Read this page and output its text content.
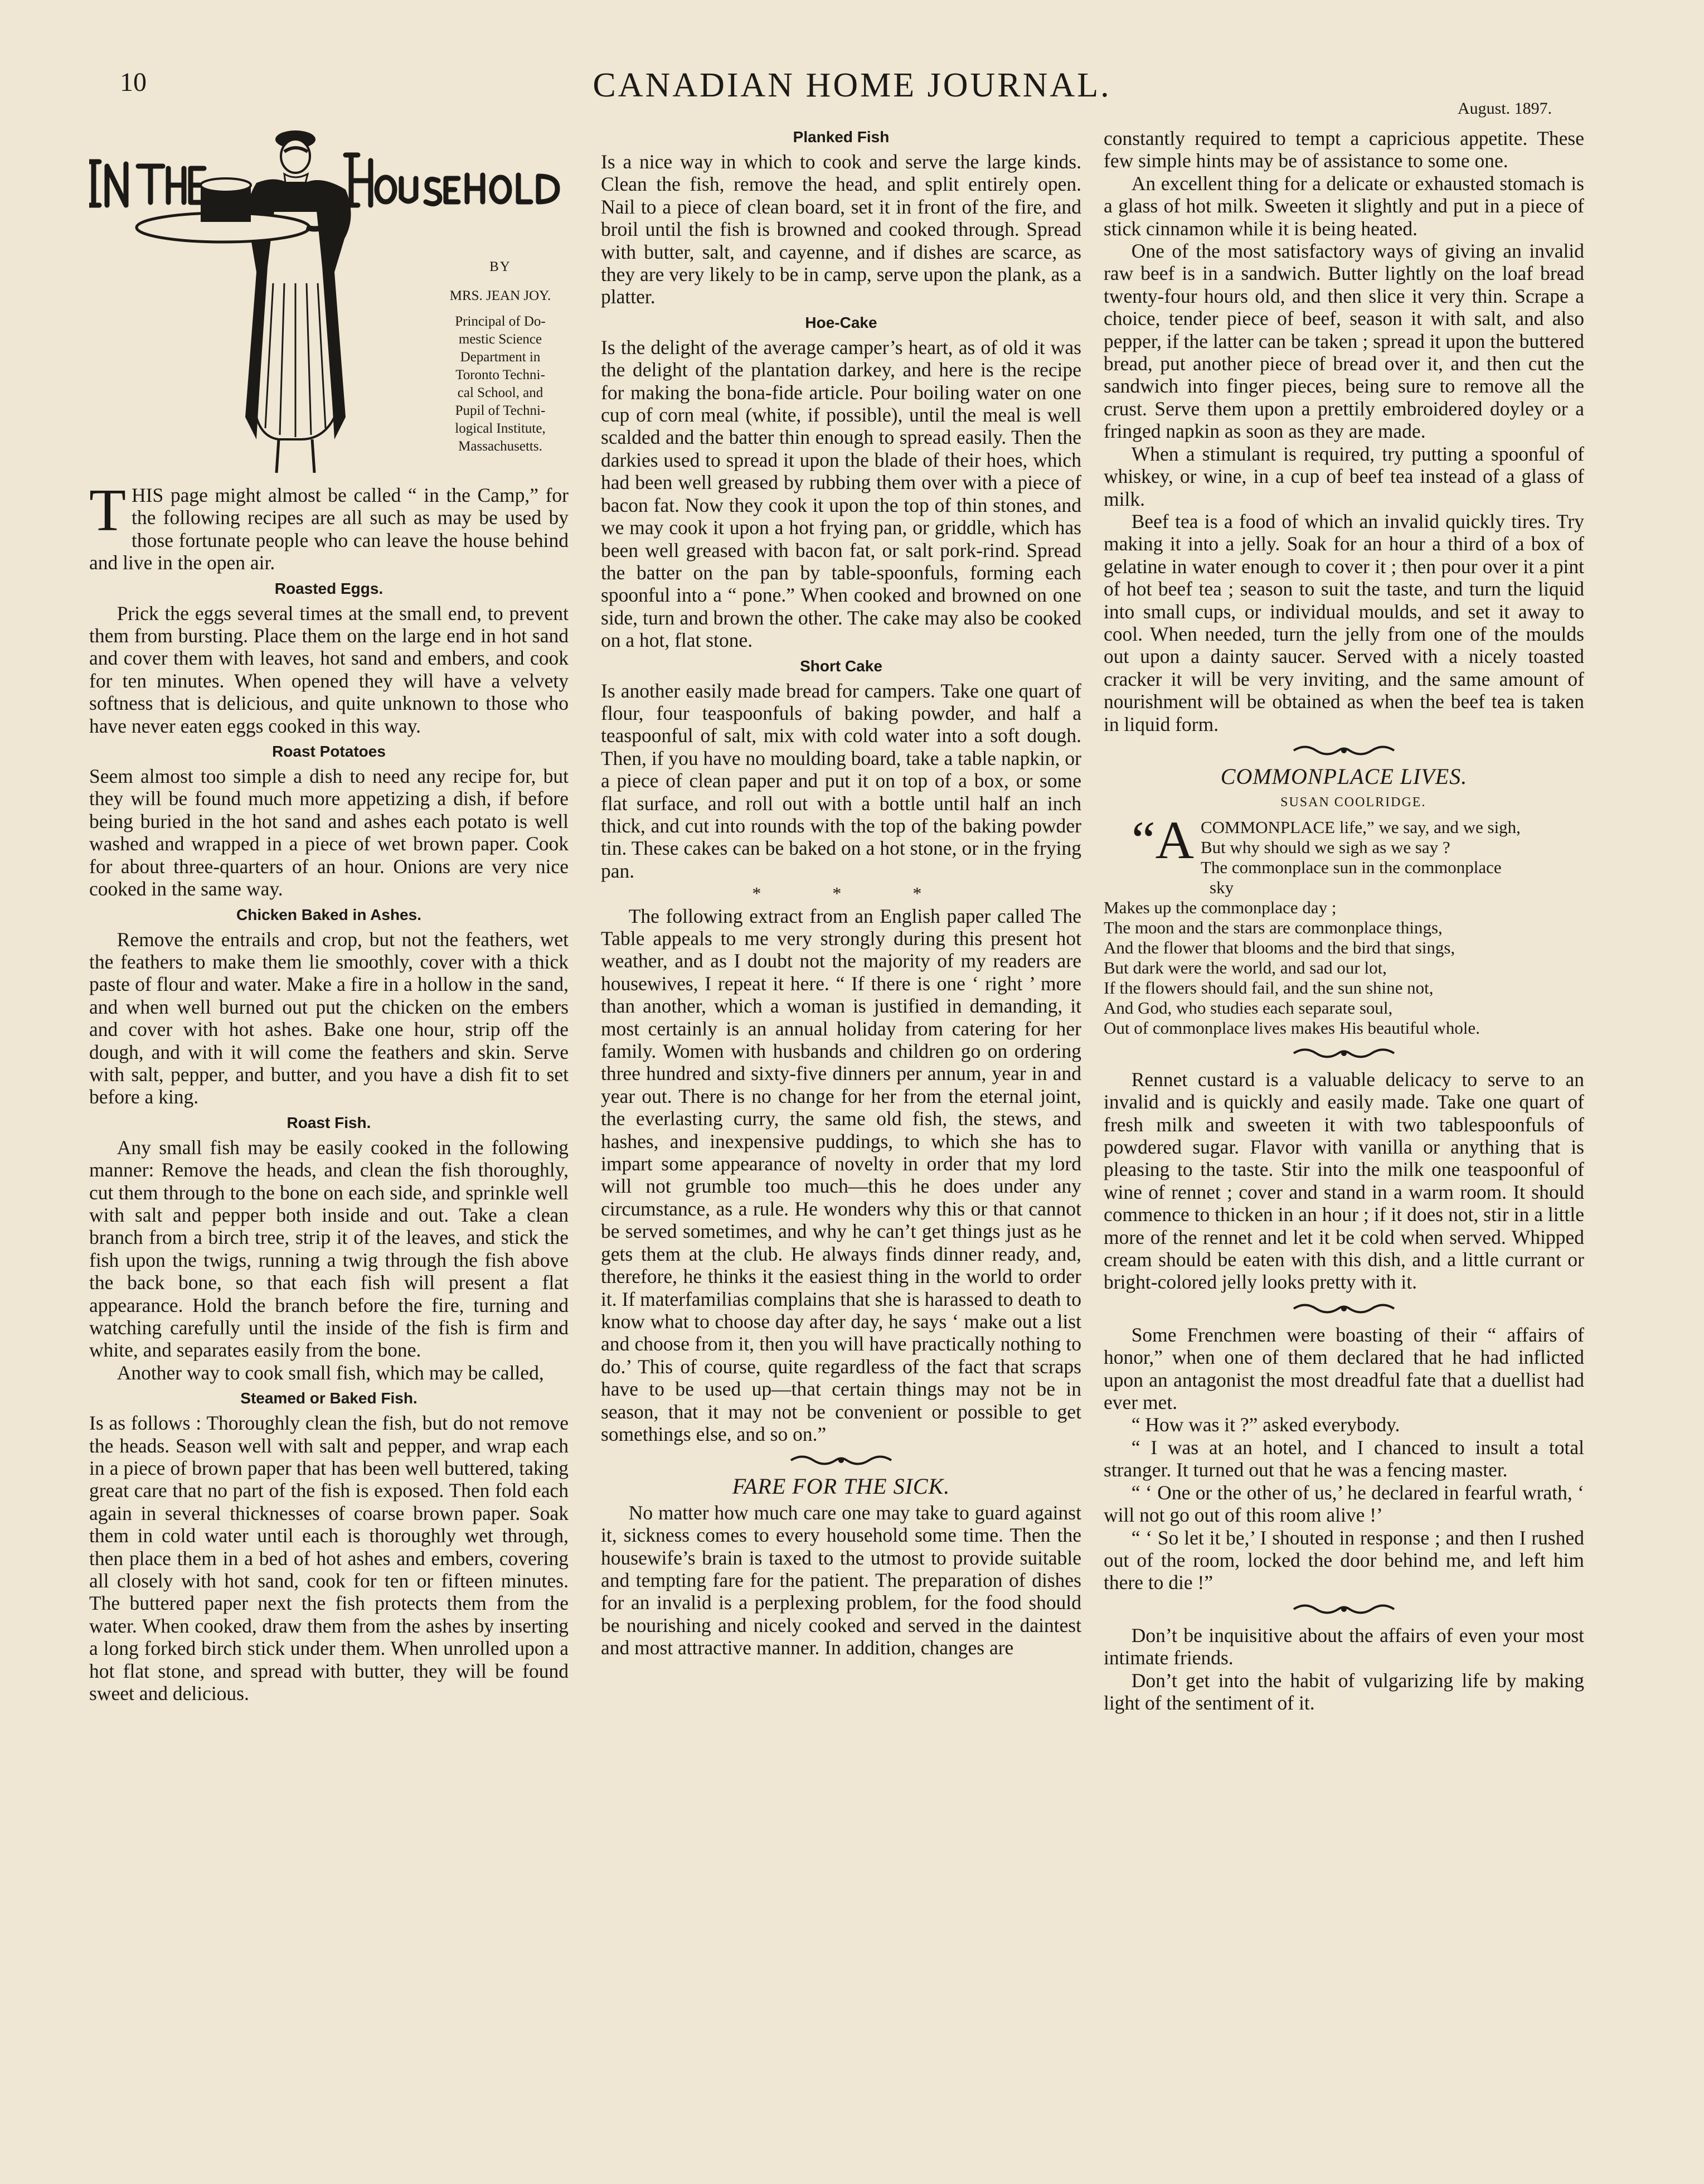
10	CANADIAN HOME JOURNAL.
August. 1897.

BY

MRS. JEAN JOY.

Principal of Do-

mestic Science

Department in

Toronto Techni-

cal School, and

Pupil of Techni-

logical Institute,

Massachusetts.

THIS page might almost be called “ in the Camp,” for the following recipes are all such as may be used by those fortunate people who can leave the house behind and live in the open air.

Roasted Eggs.

Prick the eggs several times at the small end, to prevent them from bursting. Place them on the large end in hot sand and cover them with leaves, hot sand and embers, and cook for ten minutes. When opened they will have a velvety softness that is delicious, and quite unknown to those who have never eaten eggs cooked in this way.

Roast Potatoes

Seem almost too simple a dish to need any recipe for, but they will be found much more appetizing a dish, if before being buried in the hot sand and ashes each potato is well washed and wrapped in a piece of wet brown paper. Cook for about three-quarters of an hour. Onions are very nice cooked in the same way.

Chicken Baked in Ashes.

Remove the entrails and crop, but not the feathers, wet the feathers to make them lie smoothly, cover with a thick paste of flour and water. Make a fire in a hollow in the sand, and when well burned out put the chicken on the embers and cover with hot ashes. Bake one hour, strip off the dough, and with it will come the feathers and skin. Serve with salt, pepper, and butter, and you have a dish fit to set before a king.

Roast Fish.

Any small fish may be easily cooked in the following manner: Remove the heads, and clean the fish thoroughly, cut them through to the bone on each side, and sprinkle well with salt and pepper both inside and out. Take a clean branch from a birch tree, strip it of the leaves, and stick the fish upon the twigs, running a twig through the fish above the back bone, so that each fish will present a flat appearance. Hold the branch before the fire, turning and watching carefully until the inside of the fish is firm and white, and separates easily from the bone.

Another way to cook small fish, which may be called,

Steamed or Baked Fish.

Is as follows : Thoroughly clean the fish, but do not remove the heads. Season well with salt and pepper, and wrap each in a piece of brown paper that has been well buttered, taking great care that no part of the fish is exposed. Then fold each again in several thicknesses of coarse brown paper. Soak them in cold water until each is thoroughly wet through, then place them in a bed of hot ashes and embers, covering all closely with hot sand, cook for ten or fifteen minutes. The buttered paper next the fish protects them from the water. When cooked, draw them from the ashes by inserting a long forked birch stick under them. When unrolled upon a hot flat stone, and spread with butter, they will be found sweet and delicious.

Planked Fish

Is a nice way in which to cook and serve the large kinds. Clean the fish, remove the head, and split entirely open. Nail to a piece of clean board, set it in front of the fire, and broil until the fish is browned and cooked through. Spread with butter, salt, and cayenne, and if dishes are scarce, as they are very likely to be in camp, serve upon the plank, as a platter.

Hoe-Cake

Is the delight of the average camper’s heart, as of old it was the delight of the plantation darkey, and here is the recipe for making the bona-fide article. Pour boiling water on one cup of corn meal (white, if possible), until the meal is well scalded and the batter thin enough to spread easily. Then the darkies used to spread it upon the blade of their hoes, which had been well greased by rubbing them over with a piece of bacon fat. Now they cook it upon the top of thin stones, and we may cook it upon a hot frying pan, or griddle, which has been well greased with bacon fat, or salt pork-rind. Spread the batter on the pan by table-spoonfuls, forming each spoonful into a “ pone.” When cooked and browned on one side, turn and brown the other. The cake may also be cooked on a hot, flat stone.

Short Cake

Is another easily made bread for campers. Take one quart of flour, four teaspoonfuls of baking powder, and half a teaspoonful of salt, mix with cold water into a soft dough. Then, if you have no moulding board, take a table napkin, or a piece of clean paper and put it on top of a box, or some flat surface, and roll out with a bottle until half an inch thick, and cut into rounds with the top of the baking powder tin. These cakes can be baked on a hot stone, or in the frying pan.

* * *

The following extract from an English paper called The Table appeals to me very strongly during this present hot weather, and as I doubt not the majority of my readers are housewives, I repeat it here. “ If there is one ‘ right ’ more than another, which a woman is justified in demanding, it most certainly is an annual holiday from catering for her family. Women with husbands and children go on ordering three hundred and sixty-five dinners per annum, year in and year out. There is no change for her from the eternal joint, the everlasting curry, the same old fish, the stews, and hashes, and inexpensive puddings, to which she has to impart some appearance of novelty in order that my lord will not grumble too much—this he does under any circumstance, as a rule. He wonders why this or that cannot be served sometimes, and why he can’t get things just as he gets them at the club. He always finds dinner ready, and, therefore, he thinks it the easiest thing in the world to order it. If materfamilias complains that she is harassed to death to know what to choose day after day, he says ‘ make out a list and choose from it, then you will have practically nothing to do.’ This of course, quite regardless of the fact that scraps have to be used up—that certain things may not be in season, that it may not be convenient or possible to get somethings else, and so on.”

FARE FOR THE SICK.

No matter how much care one may take to guard against it, sickness comes to every household some time. Then the housewife’s brain is taxed to the utmost to provide suitable and tempting fare for the patient. The preparation of dishes for an invalid is a perplexing problem, for the food should be nourishing and nicely cooked and served in the daintest and most attractive manner. In addition, changes are

constantly required to tempt a capricious appetite. These few simple hints may be of assistance to some one.

An excellent thing for a delicate or exhausted stomach is a glass of hot milk. Sweeten it slightly and put in a piece of stick cinnamon while it is being heated.

One of the most satisfactory ways of giving an invalid raw beef is in a sandwich. Butter lightly on the loaf bread twenty-four hours old, and then slice it very thin. Scrape a choice, tender piece of beef, season it with salt, and also pepper, if the latter can be taken ; spread it upon the buttered bread, put another piece of bread over it, and then cut the sandwich into finger pieces, being sure to remove all the crust. Serve them upon a prettily embroidered doyley or a fringed napkin as soon as they are made.

When a stimulant is required, try putting a spoonful of whiskey, or wine, in a cup of beef tea instead of a glass of milk.

Beef tea is a food of which an invalid quickly tires. Try making it into a jelly. Soak for an hour a third of a box of gelatine in water enough to cover it ; then pour over it a pint of hot beef tea ; season to suit the taste, and turn the liquid into small cups, or individual moulds, and set it away to cool. When needed, turn the jelly from one of the moulds out upon a dainty saucer. Served with a nicely toasted cracker it will be very inviting, and the same amount of nourishment will be obtained as when the beef tea is taken in liquid form.

COMMONPLACE LIVES.

SUSAN COOLRIDGE.

“A COMMONPLACE life,” we say, and we sigh,
But why should we sigh as we say ?
The commonplace sun in the commonplace
sky
Makes up the commonplace day ;
The moon and the stars are commonplace things,
And the flower that blooms and the bird that sings,
But dark were the world, and sad our lot,
If the flowers should fail, and the sun shine not,
And God, who studies each separate soul,
Out of commonplace lives makes His beautiful whole.

Rennet custard is a valuable delicacy to serve to an invalid and is quickly and easily made. Take one quart of fresh milk and sweeten it with two tablespoonfuls of powdered sugar. Flavor with vanilla or anything that is pleasing to the taste. Stir into the milk one teaspoonful of wine of rennet ; cover and stand in a warm room. It should commence to thicken in an hour ; if it does not, stir in a little more of the rennet and let it be cold when served. Whipped cream should be eaten with this dish, and a little currant or bright-colored jelly looks pretty with it.

Some Frenchmen were boasting of their “ affairs of honor,” when one of them declared that he had inflicted upon an antagonist the most dreadful fate that a duellist had ever met.

“ How was it ?” asked everybody.

“ I was at an hotel, and I chanced to insult a total stranger. It turned out that he was a fencing master.

“ ‘ One or the other of us,’ he declared in fearful wrath, ‘ will not go out of this room alive !’

“ ‘ So let it be,’ I shouted in response ; and then I rushed out of the room, locked the door behind me, and left him there to die !”

Don’t be inquisitive about the affairs of even your most intimate friends.

Don’t get into the habit of vulgarizing life by making light of the sentiment of it.
